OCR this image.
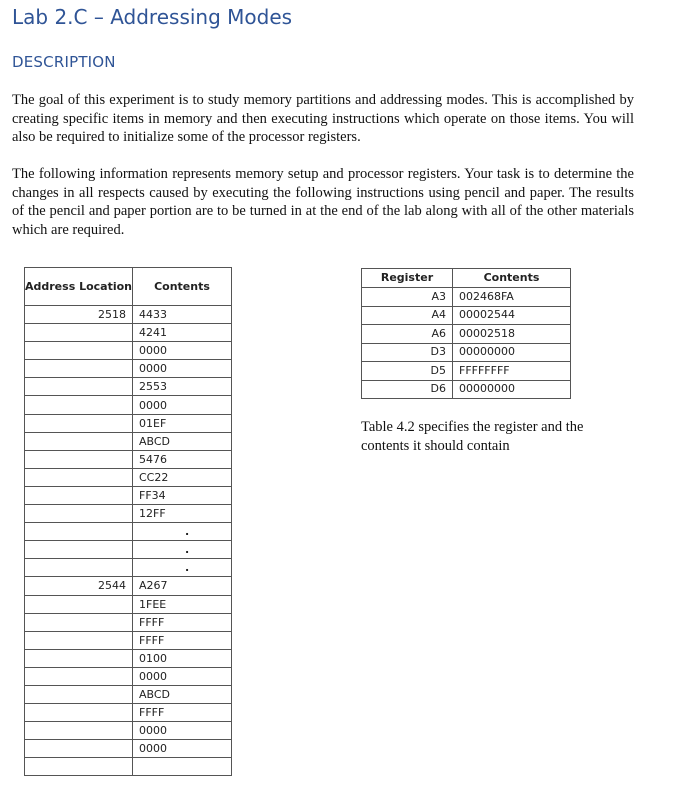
Lab 2.C – Addressing Modes
DESCRIPTION
The goal of this experiment is to study memory partitions and addressing modes. This is accomplished by creating specific items in memory and then executing instructions which operate on those items. You will also be required to initialize some of the processor registers.
The following information represents memory setup and processor registers. Your task is to determine the changes in all respects caused by executing the following instructions using pencil and paper. The results of the pencil and paper portion are to be turned in at the end of the lab along with all of the other materials which are required.
Address Location	Contents
2518	4433
	4241
	0000
	0000
	2553
	0000
	01EF
	ABCD
	5476
	CC22
	FF34
	12FF
	.
	.
	.
2544	A267
	1FEE
	FFFF
	FFFF
	0100
	0000
	ABCD
	FFFF
	0000
	0000

Register	Contents
A3	002468FA
A4	00002544
A6	00002518
D3	00000000
D5	FFFFFFFF
D6	00000000
Table 4.2 specifies the register and the contents it should contain
